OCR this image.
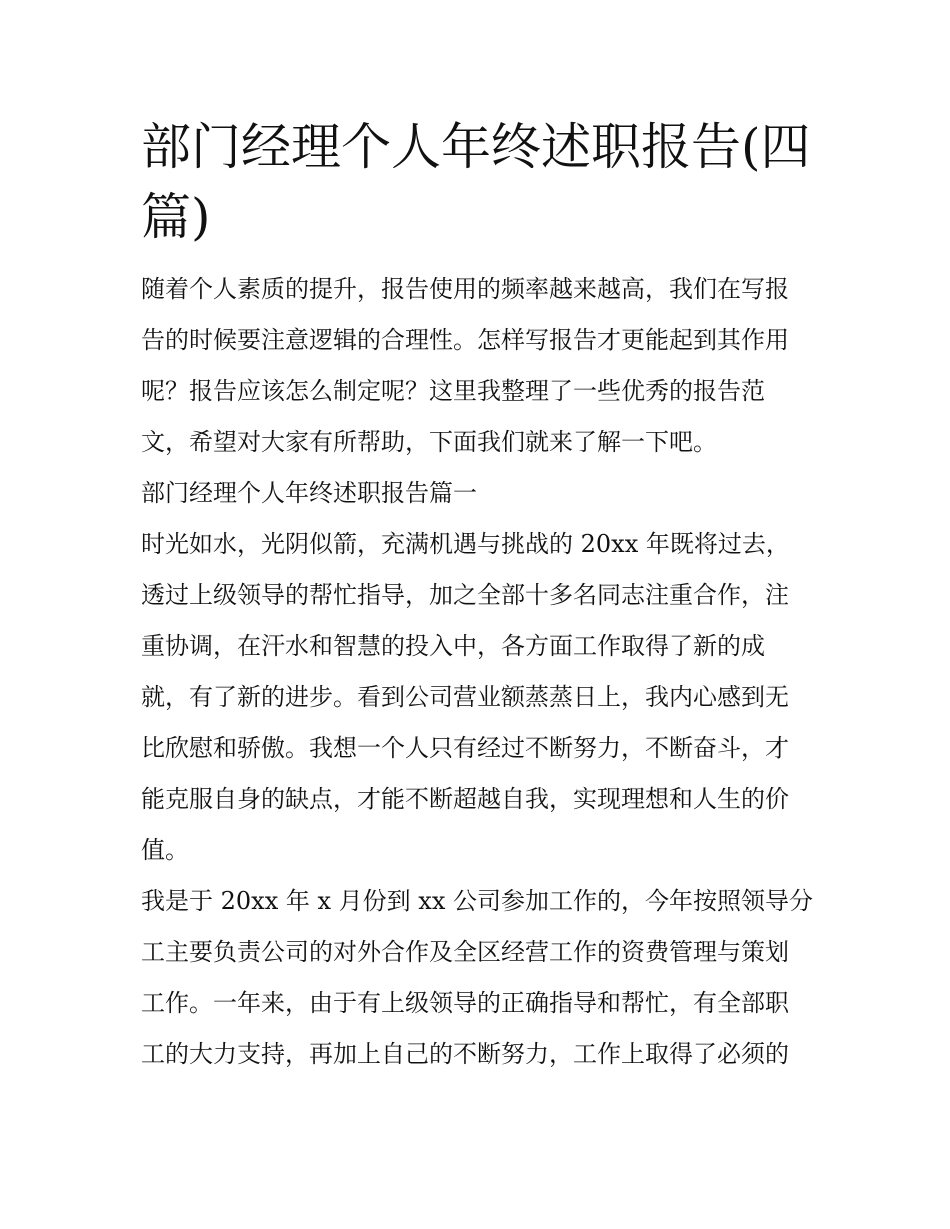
部门经理个人年终述职报告(四
篇)
随着个人素质的提升，报告使用的频率越来越高，我们在写报
告的时候要注意逻辑的合理性。怎样写报告才更能起到其作用
呢？报告应该怎么制定呢？这里我整理了一些优秀的报告范
文，希望对大家有所帮助，下面我们就来了解一下吧。
部门经理个人年终述职报告篇一
时光如水，光阴似箭，充满机遇与挑战的 20xx 年既将过去，
透过上级领导的帮忙指导，加之全部十多名同志注重合作，注
重协调，在汗水和智慧的投入中，各方面工作取得了新的成
就，有了新的进步。看到公司营业额蒸蒸日上，我内心感到无
比欣慰和骄傲。我想一个人只有经过不断努力，不断奋斗，才
能克服自身的缺点，才能不断超越自我，实现理想和人生的价
值。
我是于 20xx 年 x 月份到 xx 公司参加工作的，今年按照领导分
工主要负责公司的对外合作及全区经营工作的资费管理与策划
工作。一年来，由于有上级领导的正确指导和帮忙，有全部职
工的大力支持，再加上自己的不断努力，工作上取得了必须的
